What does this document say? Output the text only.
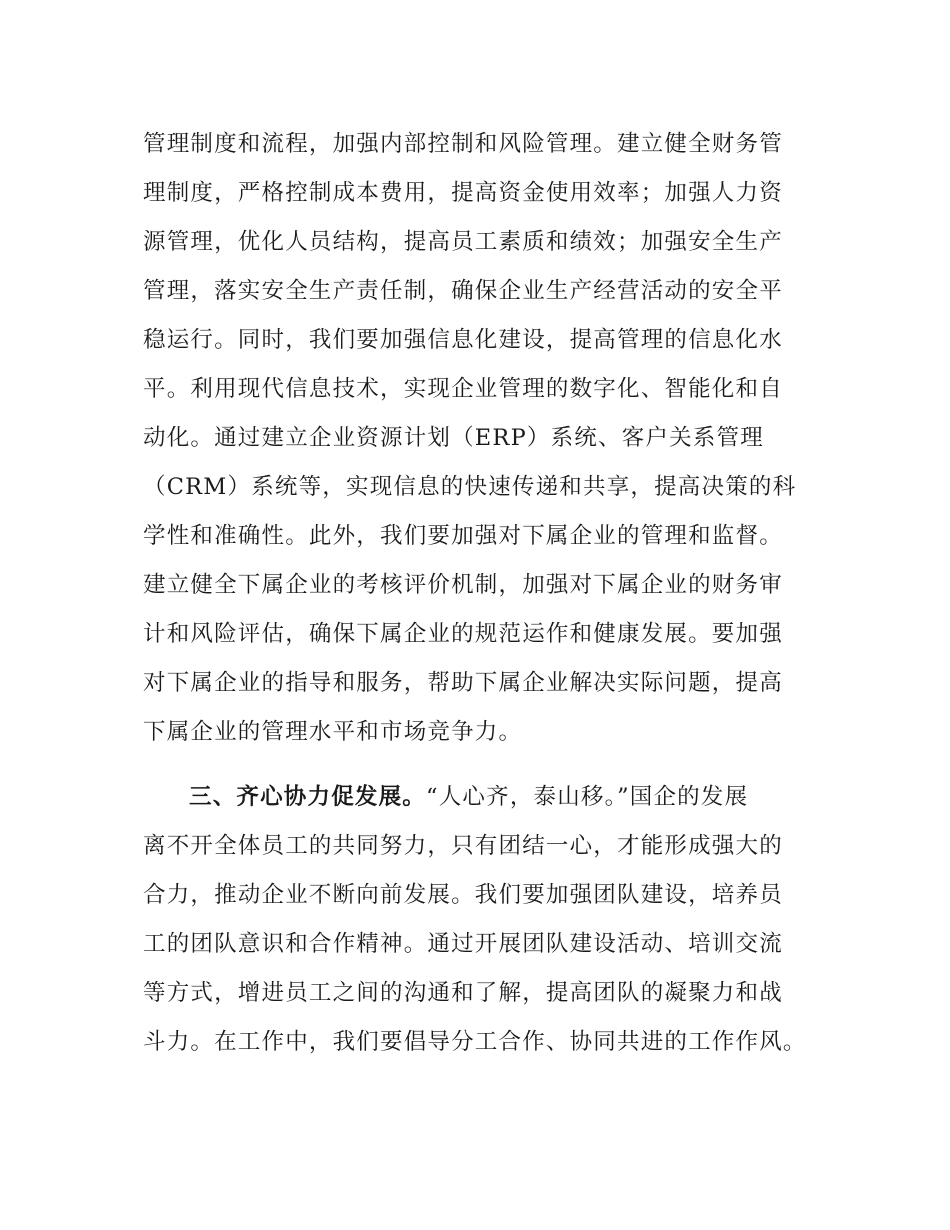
管理制度和流程，加强内部控制和风险管理。建立健全财务管
理制度，严格控制成本费用，提高资金使用效率；加强人力资
源管理，优化人员结构，提高员工素质和绩效；加强安全生产
管理，落实安全生产责任制，确保企业生产经营活动的安全平
稳运行。同时，我们要加强信息化建设，提高管理的信息化水
平。利用现代信息技术，实现企业管理的数字化、智能化和自
动化。通过建立企业资源计划（ERP）系统、客户关系管理
（CRM）系统等，实现信息的快速传递和共享，提高决策的科
学性和准确性。此外，我们要加强对下属企业的管理和监督。
建立健全下属企业的考核评价机制，加强对下属企业的财务审
计和风险评估，确保下属企业的规范运作和健康发展。要加强
对下属企业的指导和服务，帮助下属企业解决实际问题，提高
下属企业的管理水平和市场竞争力。
三、齐心协力促发展。“人心齐，泰山移。”国企的发展
离不开全体员工的共同努力，只有团结一心，才能形成强大的
合力，推动企业不断向前发展。我们要加强团队建设，培养员
工的团队意识和合作精神。通过开展团队建设活动、培训交流
等方式，增进员工之间的沟通和了解，提高团队的凝聚力和战
斗力。在工作中，我们要倡导分工合作、协同共进的工作作风。
